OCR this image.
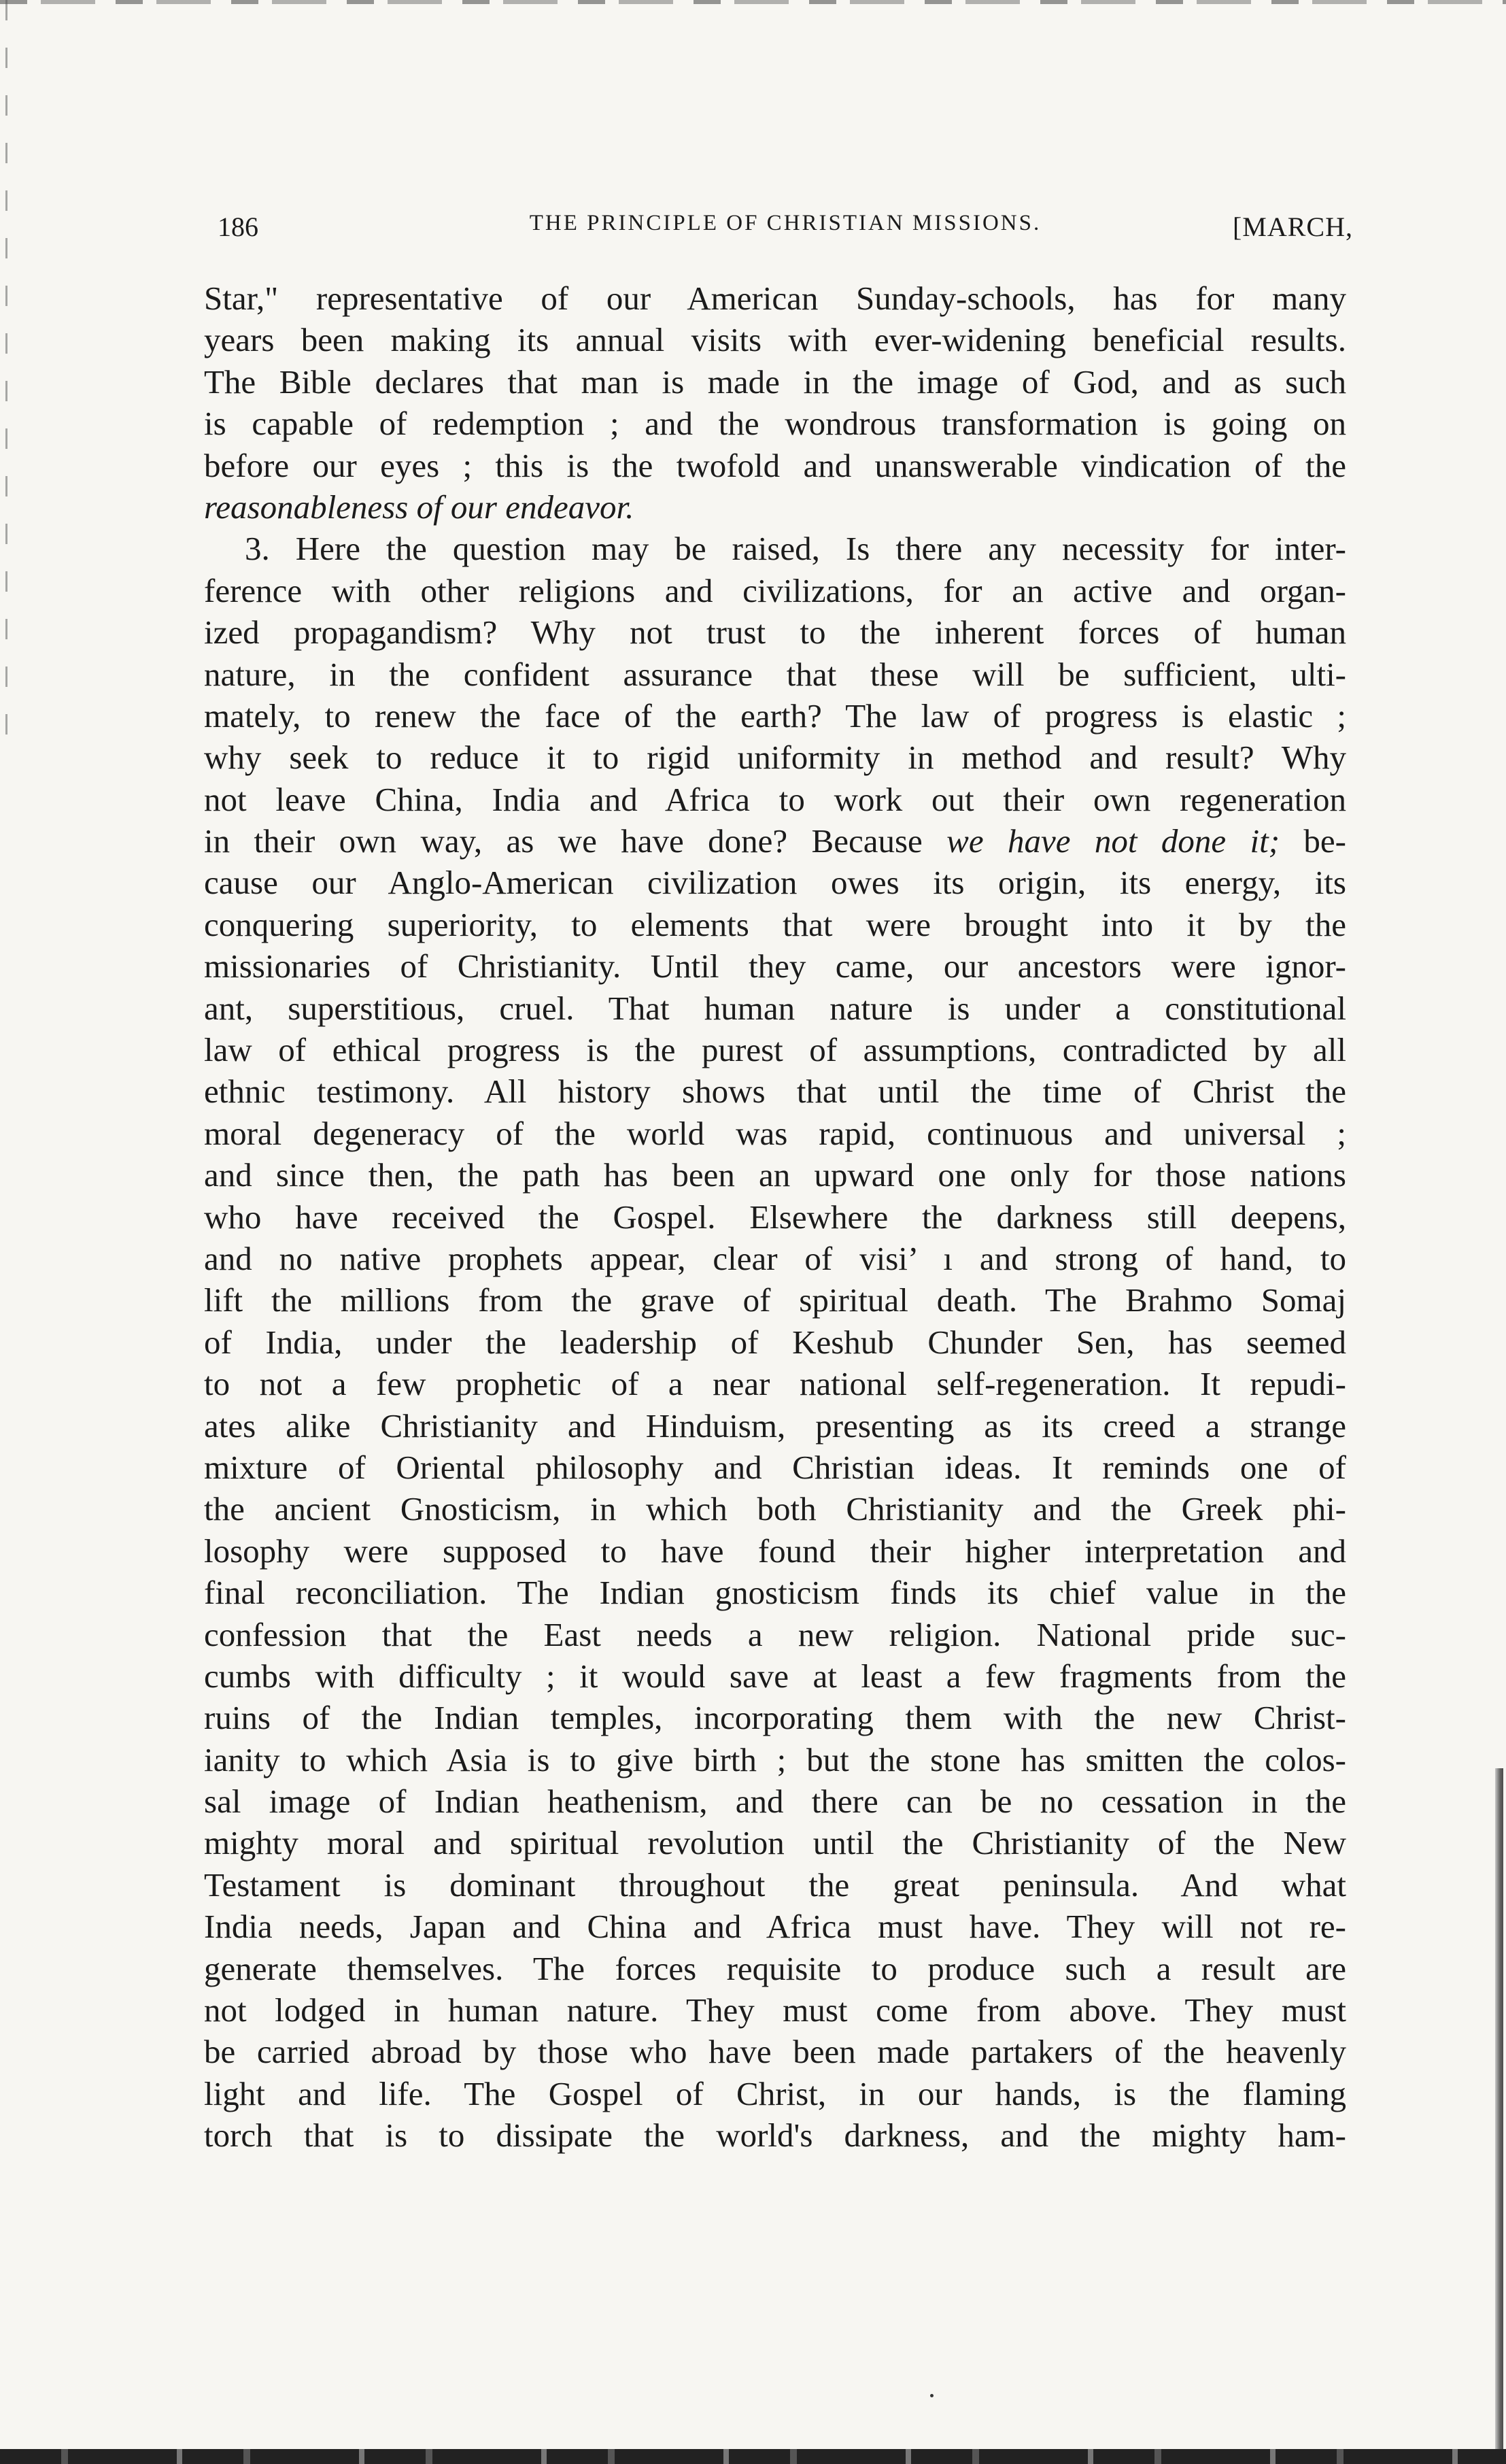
186	THE PRINCIPLE OF CHRISTIAN MISSIONS.	[MARCH,
Star," representative of our American Sunday-schools, has for many
years been making its annual visits with ever-widening beneficial results.
The Bible declares that man is made in the image of God, and as such
is capable of redemption ; and the wondrous transformation is going on
before our eyes ; this is the twofold and unanswerable vindication of the
reasonableness of our endeavor.
3. Here the question may be raised, Is there any necessity for inter-
ference with other religions and civilizations, for an active and organ-
ized propagandism? Why not trust to the inherent forces of human
nature, in the confident assurance that these will be sufficient, ulti-
mately, to renew the face of the earth? The law of progress is elastic ;
why seek to reduce it to rigid uniformity in method and result? Why
not leave China, India and Africa to work out their own regeneration
in their own way, as we have done? Because we have not done it; be-
cause our Anglo-American civilization owes its origin, its energy, its
conquering superiority, to elements that were brought into it by the
missionaries of Christianity. Until they came, our ancestors were ignor-
ant, superstitious, cruel. That human nature is under a constitutional
law of ethical progress is the purest of assumptions, contradicted by all
ethnic testimony. All history shows that until the time of Christ the
moral degeneracy of the world was rapid, continuous and universal ;
and since then, the path has been an upward one only for those nations
who have received the Gospel. Elsewhere the darkness still deepens,
and no native prophets appear, clear of visi’ ı and strong of hand, to
lift the millions from the grave of spiritual death. The Brahmo Somaj
of India, under the leadership of Keshub Chunder Sen, has seemed
to not a few prophetic of a near national self-regeneration. It repudi-
ates alike Christianity and Hinduism, presenting as its creed a strange
mixture of Oriental philosophy and Christian ideas. It reminds one of
the ancient Gnosticism, in which both Christianity and the Greek phi-
losophy were supposed to have found their higher interpretation and
final reconciliation. The Indian gnosticism finds its chief value in the
confession that the East needs a new religion. National pride suc-
cumbs with difficulty ; it would save at least a few fragments from the
ruins of the Indian temples, incorporating them with the new Christ-
ianity to which Asia is to give birth ; but the stone has smitten the colos-
sal image of Indian heathenism, and there can be no cessation in the
mighty moral and spiritual revolution until the Christianity of the New
Testament is dominant throughout the great peninsula. And what
India needs, Japan and China and Africa must have. They will not re-
generate themselves. The forces requisite to produce such a result are
not lodged in human nature. They must come from above. They must
be carried abroad by those who have been made partakers of the heavenly
light and life. The Gospel of Christ, in our hands, is the flaming
torch that is to dissipate the world's darkness, and the mighty ham-
